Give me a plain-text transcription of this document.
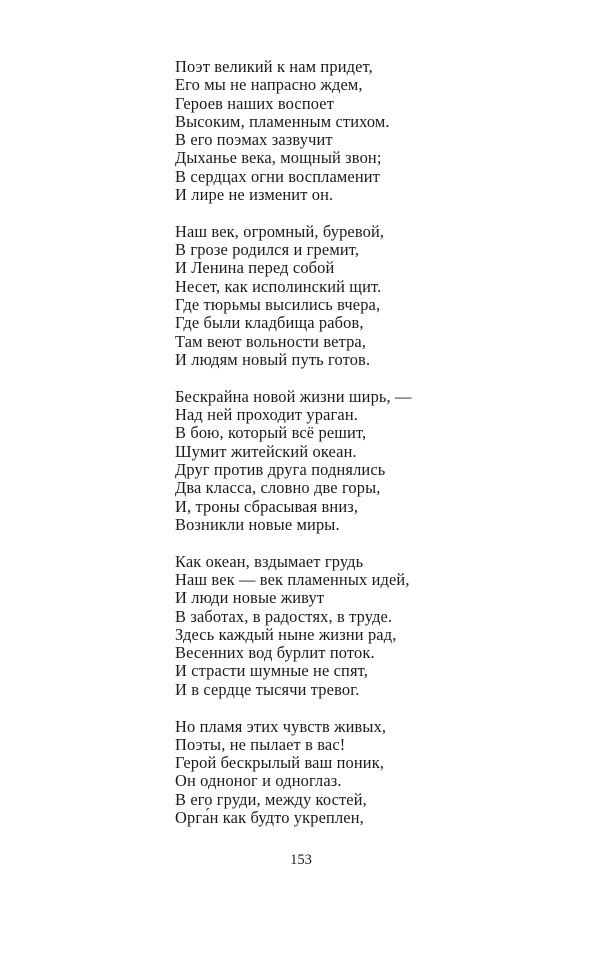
Поэт великий к нам придет,
Его мы не напрасно ждем,
Героев наших воспоет
Высоким, пламенным стихом.
В его поэмах зазвучит
Дыханье века, мощный звон;
В сердцах огни воспламенит
И лире не изменит он.
Наш век, огромный, буревой,
В грозе родился и гремит,
И Ленина перед собой
Несет, как исполинский щит.
Где тюрьмы высились вчера,
Где были кладбища рабов,
Там веют вольности ветра,
И людям новый путь готов.
Бескрайна новой жизни ширь, —
Над ней проходит ураган.
В бою, который всё решит,
Шумит житейский океан.
Друг против друга поднялись
Два класса, словно две горы,
И, троны сбрасывая вниз,
Возникли новые миры.
Как океан, вздымает грудь
Наш век — век пламенных идей,
И люди новые живут
В заботах, в радостях, в труде.
Здесь каждый ныне жизни рад,
Весенних вод бурлит поток.
И страсти шумные не спят,
И в сердце тысячи тревог.
Но пламя этих чувств живых,
Поэты, не пылает в вас!
Герой бескрылый ваш поник,
Он одноног и одноглаз.
В его груди, между костей,
Орга́н как будто укреплен,
153
